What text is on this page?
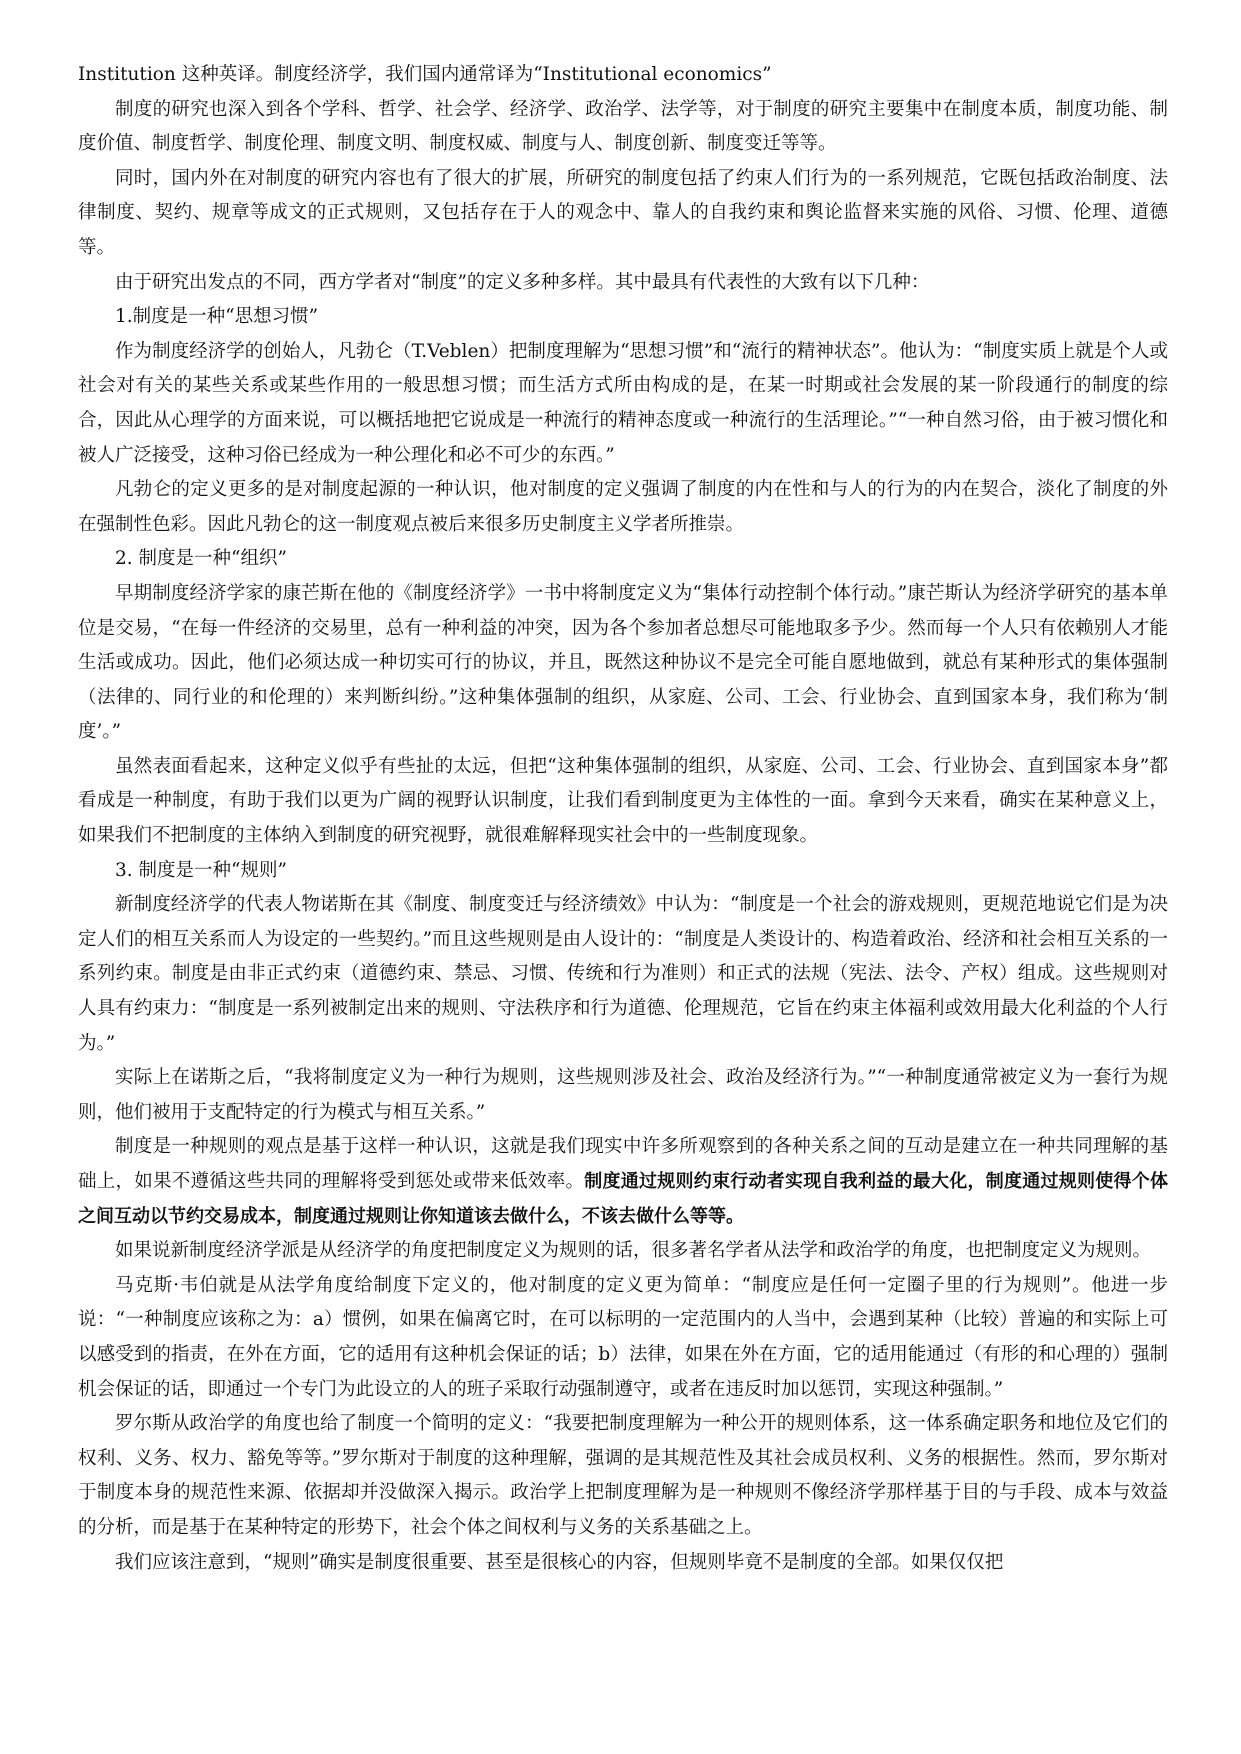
Institution 这种英译。制度经济学，我们国内通常译为“Institutional economics”

制度的研究也深入到各个学科、哲学、社会学、经济学、政治学、法学等，对于制度的研究主要集中在制度本质，制度功能、制度价值、制度哲学、制度伦理、制度文明、制度权威、制度与人、制度创新、制度变迁等等。

同时，国内外在对制度的研究内容也有了很大的扩展，所研究的制度包括了约束人们行为的一系列规范，它既包括政治制度、法律制度、契约、规章等成文的正式规则，又包括存在于人的观念中、靠人的自我约束和舆论监督来实施的风俗、习惯、伦理、道德等。

由于研究出发点的不同，西方学者对“制度”的定义多种多样。其中最具有代表性的大致有以下几种：

1.制度是一种“思想习惯”

作为制度经济学的创始人，凡勃仑（T.Veblen）把制度理解为“思想习惯”和“流行的精神状态”。他认为：“制度实质上就是个人或社会对有关的某些关系或某些作用的一般思想习惯；而生活方式所由构成的是，在某一时期或社会发展的某一阶段通行的制度的综合，因此从心理学的方面来说，可以概括地把它说成是一种流行的精神态度或一种流行的生活理论。”“一种自然习俗，由于被习惯化和被人广泛接受，这种习俗已经成为一种公理化和必不可少的东西。”

凡勃仑的定义更多的是对制度起源的一种认识，他对制度的定义强调了制度的内在性和与人的行为的内在契合，淡化了制度的外在强制性色彩。因此凡勃仑的这一制度观点被后来很多历史制度主义学者所推崇。

2. 制度是一种“组织”

早期制度经济学家的康芒斯在他的《制度经济学》一书中将制度定义为“集体行动控制个体行动。”康芒斯认为经济学研究的基本单位是交易，“在每一件经济的交易里，总有一种利益的冲突，因为各个参加者总想尽可能地取多予少。然而每一个人只有依赖别人才能生活或成功。因此，他们必须达成一种切实可行的协议，并且，既然这种协议不是完全可能自愿地做到，就总有某种形式的集体强制（法律的、同行业的和伦理的）来判断纠纷。”这种集体强制的组织，从家庭、公司、工会、行业协会、直到国家本身，我们称为‘制度’。”

虽然表面看起来，这种定义似乎有些扯的太远，但把“这种集体强制的组织，从家庭、公司、工会、行业协会、直到国家本身”都看成是一种制度，有助于我们以更为广阔的视野认识制度，让我们看到制度更为主体性的一面。拿到今天来看，确实在某种意义上，如果我们不把制度的主体纳入到制度的研究视野，就很难解释现实社会中的一些制度现象。

3. 制度是一种“规则”

新制度经济学的代表人物诺斯在其《制度、制度变迁与经济绩效》中认为：“制度是一个社会的游戏规则，更规范地说它们是为决定人们的相互关系而人为设定的一些契约。”而且这些规则是由人设计的：“制度是人类设计的、构造着政治、经济和社会相互关系的一系列约束。制度是由非正式约束（道德约束、禁忌、习惯、传统和行为准则）和正式的法规（宪法、法令、产权）组成。这些规则对人具有约束力：“制度是一系列被制定出来的规则、守法秩序和行为道德、伦理规范，它旨在约束主体福利或效用最大化利益的个人行为。”

实际上在诺斯之后，“我将制度定义为一种行为规则，这些规则涉及社会、政治及经济行为。”“一种制度通常被定义为一套行为规则，他们被用于支配特定的行为模式与相互关系。”

制度是一种规则的观点是基于这样一种认识，这就是我们现实中许多所观察到的各种关系之间的互动是建立在一种共同理解的基础上，如果不遵循这些共同的理解将受到惩处或带来低效率。制度通过规则约束行动者实现自我利益的最大化，制度通过规则使得个体之间互动以节约交易成本，制度通过规则让你知道该去做什么，不该去做什么等等。

如果说新制度经济学派是从经济学的角度把制度定义为规则的话，很多著名学者从法学和政治学的角度，也把制度定义为规则。

马克斯·韦伯就是从法学角度给制度下定义的，他对制度的定义更为简单：“制度应是任何一定圈子里的行为规则”。他进一步说：“一种制度应该称之为：a）惯例，如果在偏离它时，在可以标明的一定范围内的人当中，会遇到某种（比较）普遍的和实际上可以感受到的指责，在外在方面，它的适用有这种机会保证的话；b）法律，如果在外在方面，它的适用能通过（有形的和心理的）强制机会保证的话，即通过一个专门为此设立的人的班子采取行动强制遵守，或者在违反时加以惩罚，实现这种强制。”

罗尔斯从政治学的角度也给了制度一个简明的定义：“我要把制度理解为一种公开的规则体系，这一体系确定职务和地位及它们的权利、义务、权力、豁免等等。”罗尔斯对于制度的这种理解，强调的是其规范性及其社会成员权利、义务的根据性。然而，罗尔斯对于制度本身的规范性来源、依据却并没做深入揭示。政治学上把制度理解为是一种规则不像经济学那样基于目的与手段、成本与效益的分析，而是基于在某种特定的形势下，社会个体之间权利与义务的关系基础之上。

我们应该注意到，“规则”确实是制度很重要、甚至是很核心的内容，但规则毕竟不是制度的全部。如果仅仅把
